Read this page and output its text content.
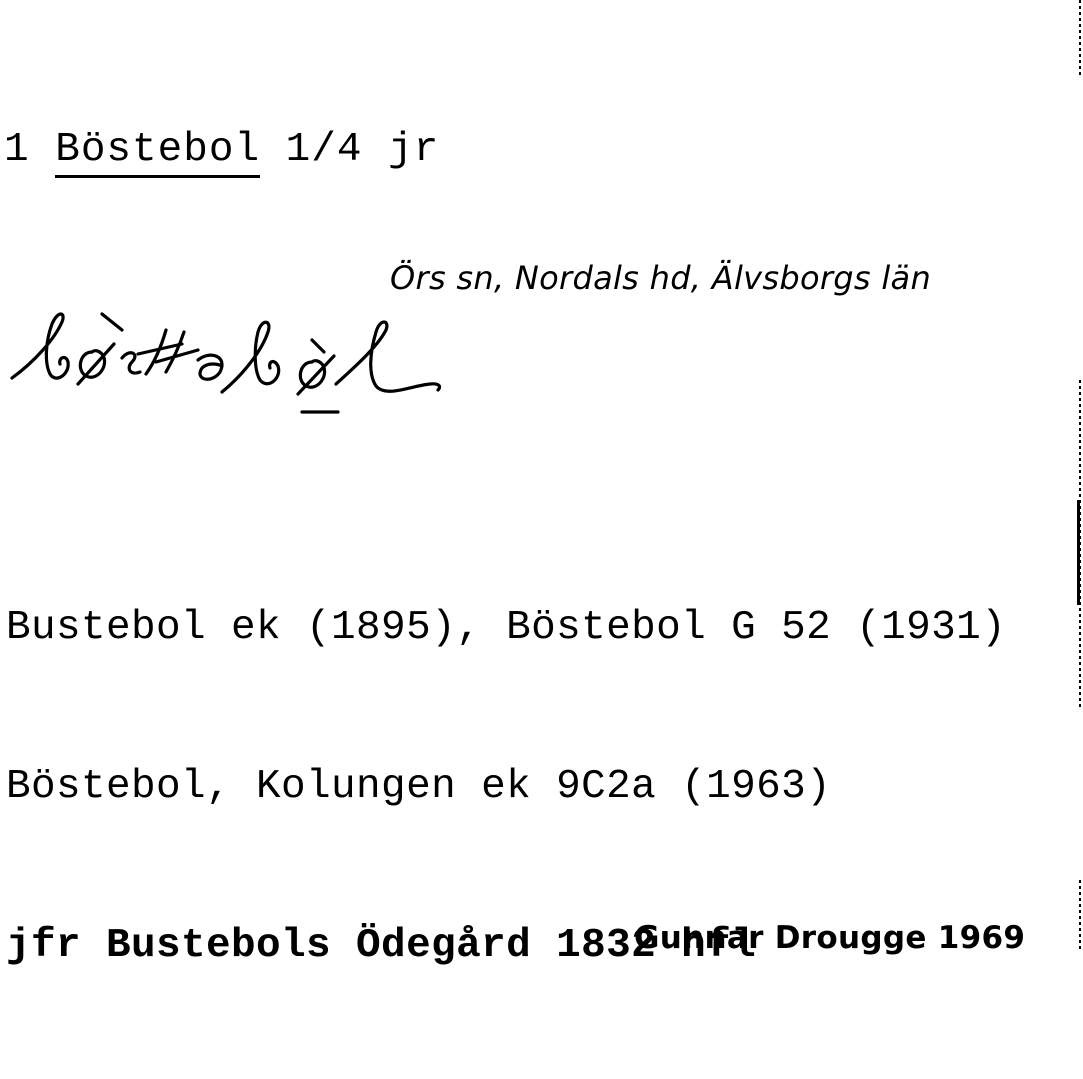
1 Böstebol 1/4 jr
Örs sn, Nordals hd, Älvsborgs län

Bustebol ek (1895), Böstebol G 52 (1931)

Böstebol, Kolungen ek 9C2a (1963)

jfr Bustebols Ödegård 1832 hfl

Gunnar Drougge 1969
